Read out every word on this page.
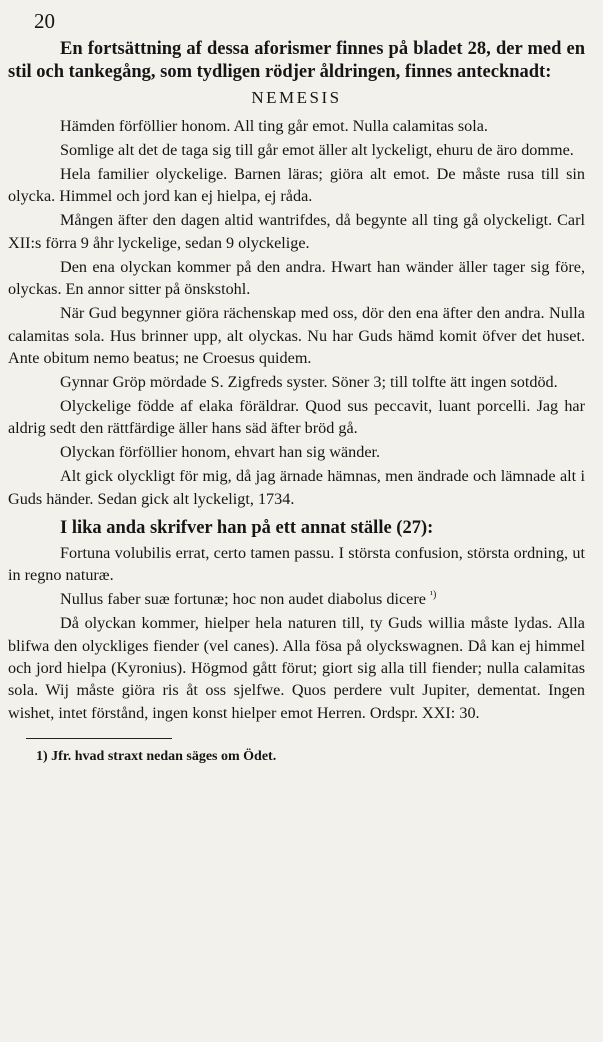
20

En fortsättning af dessa aforismer finnes på bladet 28, der med en stil och tankegång, som tydligen rödjer åldringen, finnes antecknadt:

NEMESIS

Hämden förföllier honom. All ting går emot. Nulla calamitas sola.

Somlige alt det de taga sig till går emot äller alt lyckeligt, ehuru de äro domme.

Hela familier olyckelige. Barnen läras; giöra alt emot. De måste rusa till sin olycka. Himmel och jord kan ej hielpa, ej råda.

Mången äfter den dagen altid wantrifdes, då begynte all ting gå olyckeligt. Carl XII:s förra 9 åhr lyckelige, sedan 9 olyckelige.

Den ena olyckan kommer på den andra. Hwart han wänder äller tager sig före, olyckas. En annor sitter på önskstohl.

När Gud begynner giöra rächenskap med oss, dör den ena äfter den andra. Nulla calamitas sola. Hus brinner upp, alt olyckas. Nu har Guds hämd komit öfver det huset. Ante obitum nemo beatus; ne Croesus quidem.

Gynnar Gröp mördade S. Zigfreds syster. Söner 3; till tolfte ätt ingen sotdöd.

Olyckelige födde af elaka föräldrar. Quod sus peccavit, luant porcelli. Jag har aldrig sedt den rättfärdige äller hans säd äfter bröd gå.

Olyckan förföllier honom, ehvart han sig wänder.

Alt gick olyckligt för mig, då jag ärnade hämnas, men ändrade och lämnade alt i Guds händer. Sedan gick alt lyckeligt, 1734.

I lika anda skrifver han på ett annat ställe (27):

Fortuna volubilis errat, certo tamen passu. I största confusion, största ordning, ut in regno naturæ.

Nullus faber suæ fortunæ; hoc non audet diabolus dicere $^{^1)}$

Då olyckan kommer, hielper hela naturen till, ty Guds willia måste lydas. Alla blifwa den olyckliges fiender (vel canes). Alla fösa på olyckswagnen. Då kan ej himmel och jord hielpa (Kyronius). Högmod gått förut; giort sig alla till fiender; nulla calamitas sola. Wij måste giöra ris åt oss sjelfwe. Quos perdere vult Jupiter, dementat. Ingen wishet, intet förstånd, ingen konst hielper emot Herren. Ordspr. XXI: 30.

1) Jfr. hvad straxt nedan säges om Ödet.
